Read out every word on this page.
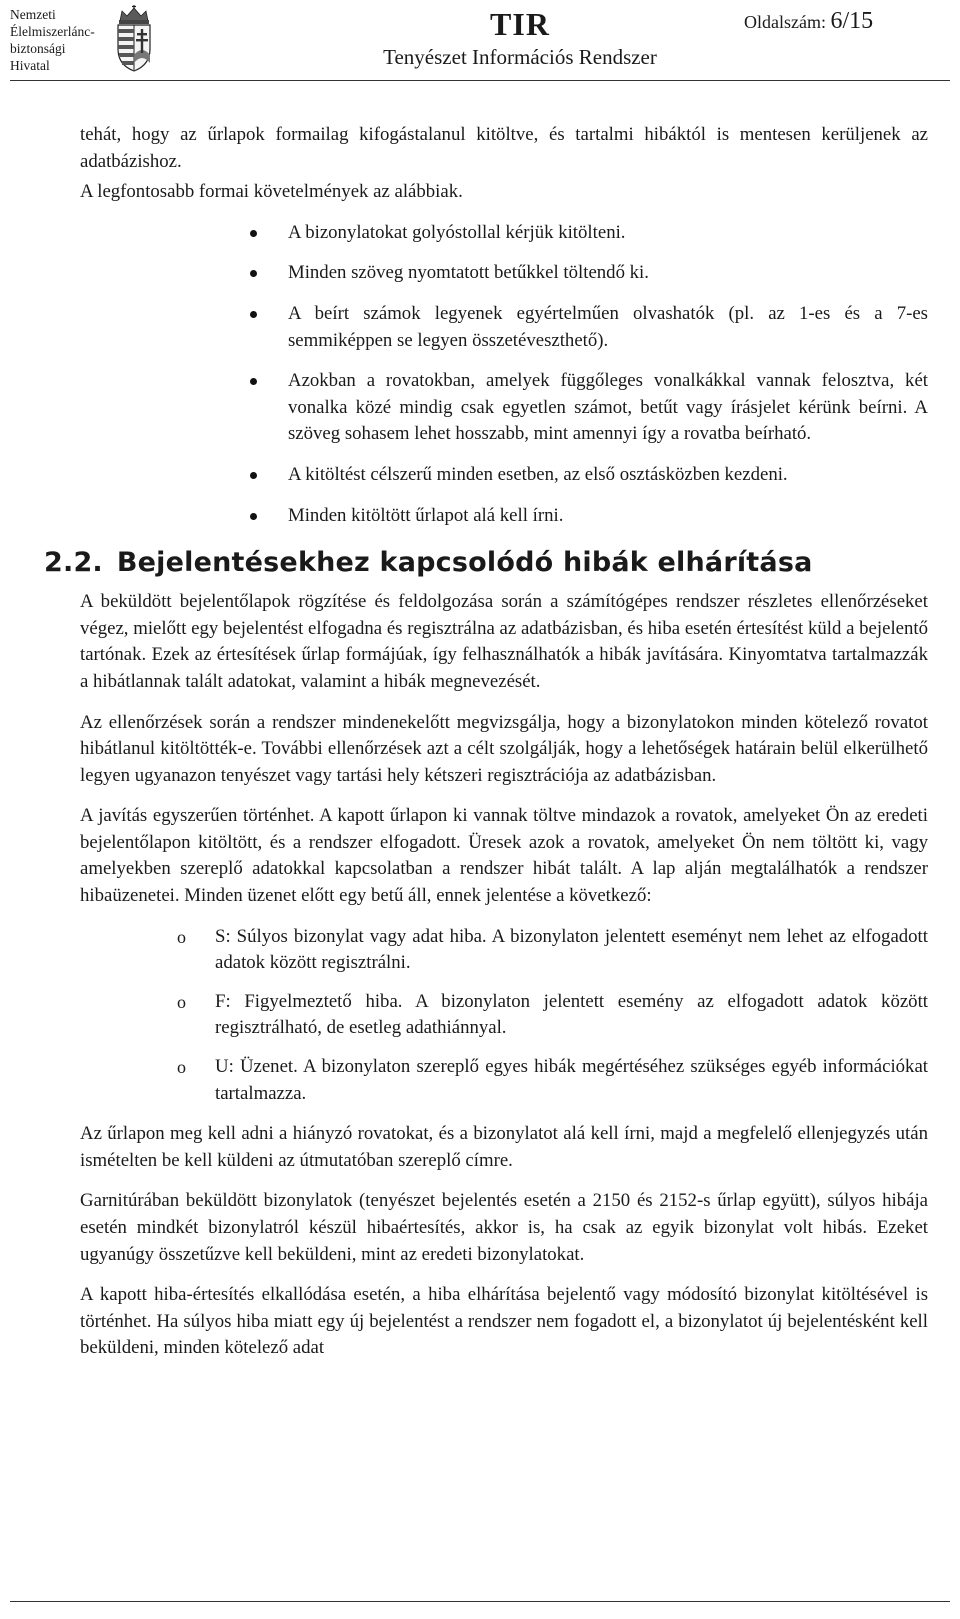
Nemzeti
Élelmiszerlánc-
biztonsági
Hivatal
TIR
Tenyészet Információs Rendszer
Oldalszám: 6/15

tehát, hogy az űrlapok formailag kifogástalanul kitöltve, és tartalmi hibáktól is mentesen kerüljenek az adatbázishoz.

A legfontosabb formai követelmények az alábbiak.

A bizonylatokat golyóstollal kérjük kitölteni.
Minden szöveg nyomtatott betűkkel töltendő ki.
A beírt számok legyenek egyértelműen olvashatók (pl. az 1-es és a 7-es semmiképpen se legyen összetéveszthető).
Azokban a rovatokban, amelyek függőleges vonalkákkal vannak felosztva, két vonalka közé mindig csak egyetlen számot, betűt vagy írásjelet kérünk beírni. A szöveg sohasem lehet hosszabb, mint amennyi így a rovatba beírható.
A kitöltést célszerű minden esetben, az első osztásközben kezdeni.
Minden kitöltött űrlapot alá kell írni.
2.2. Bejelentésekhez kapcsolódó hibák elhárítása

A beküldött bejelentőlapok rögzítése és feldolgozása során a számítógépes rendszer részletes ellenőrzéseket végez, mielőtt egy bejelentést elfogadna és regisztrálna az adatbázisban, és hiba esetén értesítést küld a bejelentő tartónak. Ezek az értesítések űrlap formájúak, így felhasználhatók a hibák javítására. Kinyomtatva tartalmazzák a hibátlannak talált adatokat, valamint a hibák megnevezését.

Az ellenőrzések során a rendszer mindenekelőtt megvizsgálja, hogy a bizonylatokon minden kötelező rovatot hibátlanul kitöltötték-e. További ellenőrzések azt a célt szolgálják, hogy a lehetőségek határain belül elkerülhető legyen ugyanazon tenyészet vagy tartási hely kétszeri regisztrációja az adatbázisban.

A javítás egyszerűen történhet. A kapott űrlapon ki vannak töltve mindazok a rovatok, amelyeket Ön az eredeti bejelentőlapon kitöltött, és a rendszer elfogadott. Üresek azok a rovatok, amelyeket Ön nem töltött ki, vagy amelyekben szereplő adatokkal kapcsolatban a rendszer hibát talált. A lap alján megtalálhatók a rendszer hibaüzenetei. Minden üzenet előtt egy betű áll, ennek jelentése a következő:

o S: Súlyos bizonylat vagy adat hiba. A bizonylaton jelentett eseményt nem lehet az elfogadott adatok között regisztrálni.
o F: Figyelmeztető hiba. A bizonylaton jelentett esemény az elfogadott adatok között regisztrálható, de esetleg adathiánnyal.
o U: Üzenet. A bizonylaton szereplő egyes hibák megértéséhez szükséges egyéb információkat tartalmazza.

Az űrlapon meg kell adni a hiányzó rovatokat, és a bizonylatot alá kell írni, majd a megfelelő ellenjegyzés után ismételten be kell küldeni az útmutatóban szereplő címre.

Garnitúrában beküldött bizonylatok (tenyészet bejelentés esetén a 2150 és 2152-s űrlap együtt), súlyos hibája esetén mindkét bizonylatról készül hibaértesítés, akkor is, ha csak az egyik bizonylat volt hibás. Ezeket ugyanúgy összetűzve kell beküldeni, mint az eredeti bizonylatokat.

A kapott hiba-értesítés elkallódása esetén, a hiba elhárítása bejelentő vagy módosító bizonylat kitöltésével is történhet. Ha súlyos hiba miatt egy új bejelentést a rendszer nem fogadott el, a bizonylatot új bejelentésként kell beküldeni, minden kötelező adat
